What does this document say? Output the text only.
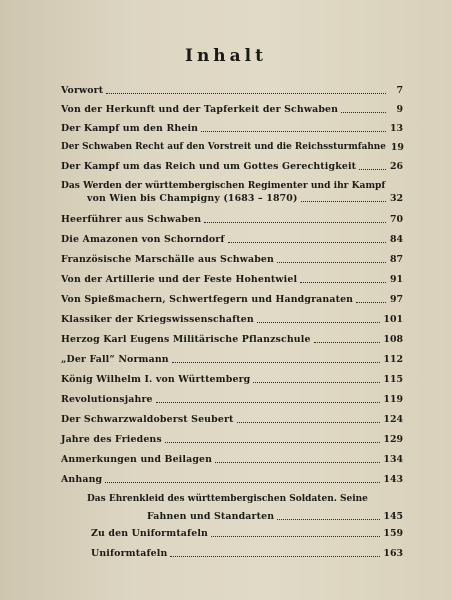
Inhalt
Vorwort	7
Von der Herkunft und der Tapferkeit der Schwaben	9
Der Kampf um den Rhein	13
Der Schwaben Recht auf den Vorstreit und die Reichssturmfahne 19
Der Kampf um das Reich und um Gottes Gerechtigkeit	26
Das Werden der württembergischen Regimenter und ihr Kampf
von Wien bis Champigny (1683 – 1870)	32
Heerführer aus Schwaben	70
Die Amazonen von Schorndorf	84
Französische Marschälle aus Schwaben	87
Von der Artillerie und der Feste Hohentwiel	91
Von Spießmachern, Schwertfegern und Handgranaten	97
Klassiker der Kriegswissenschaften	101
Herzog Karl Eugens Militärische Pflanzschule	108
„Der Fall“ Normann	112
König Wilhelm I. von Württemberg	115
Revolutionsjahre	119
Der Schwarzwaldoberst Seubert	124
Jahre des Friedens	129
Anmerkungen und Beilagen	134
Anhang	143
Das Ehrenkleid des württembergischen Soldaten. Seine
Fahnen und Standarten	145
Zu den Uniformtafeln	159
Uniformtafeln	163
